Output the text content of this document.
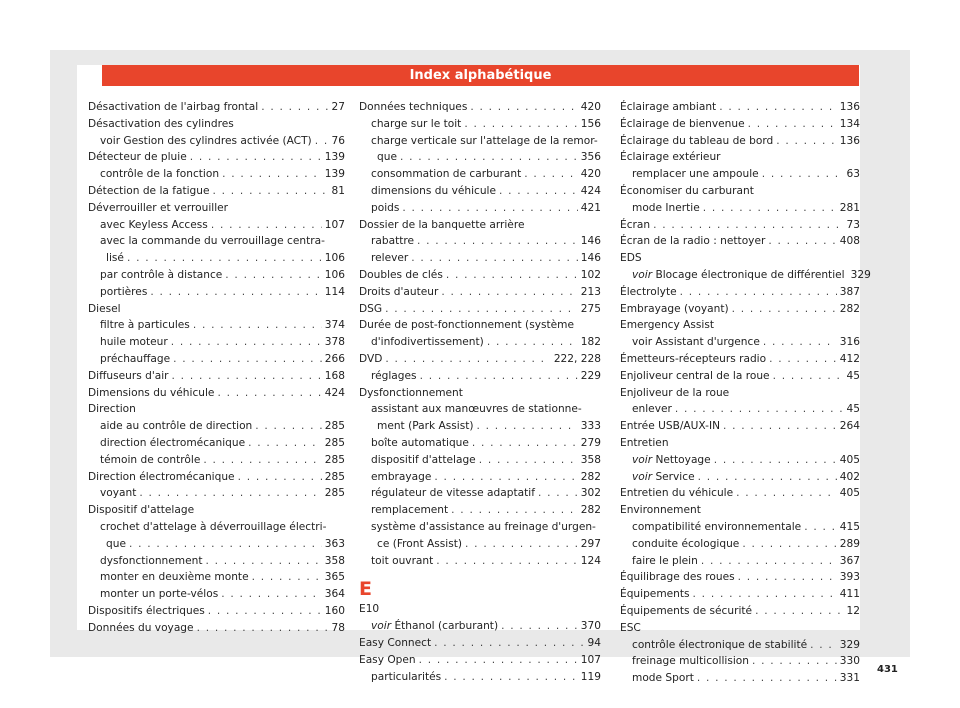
Index alphabétique
Désactivation de l'airbag frontal . . .	27
Désactivation des cylindres
voir Gestion des cylindres activée (ACT) . . . 76
Détecteur de pluie . . .	139
contrôle de la fonction . . .	139
Détection de la fatigue . . .	81
Déverrouiller et verrouiller
avec Keyless Access . . .	107
avec la commande du verrouillage centra-
lisé . . .	106
par contrôle à distance . . .	106
portières . . .	114
Diesel
filtre à particules . . .	374
huile moteur . . .	378
préchauffage . . .	266
Diffuseurs d'air . . .	168
Dimensions du véhicule . . .	424
Direction
aide au contrôle de direction . . .	285
direction électromécanique . . .	285
témoin de contrôle . . .	285
Direction électromécanique . . .	285
voyant . . .	285
Dispositif d'attelage
crochet d'attelage à déverrouillage électri-
que . . .	363
dysfonctionnement . . .	358
monter en deuxième monte . . .	365
monter un porte-vélos . . .	364
Dispositifs électriques . . .	160
Données du voyage . . .	78
Données techniques . . .	420
charge sur le toit . . .	156
charge verticale sur l'attelage de la remor-
que . . .	356
consommation de carburant . . .	420
dimensions du véhicule . . .	424
poids . . .	421
Dossier de la banquette arrière
rabattre . . .	146
relever . . .	146
Doubles de clés . . .	102
Droits d'auteur . . .	213
DSG . . .	275
Durée de post-fonctionnement (système
d'infodivertissement) . . .	182
DVD . . .	222, 228
réglages . . .	229
Dysfonctionnement
assistant aux manœuvres de stationne-
ment (Park Assist) . . .	333
boîte automatique . . .	279
dispositif d'attelage . . .	358
embrayage . . .	282
régulateur de vitesse adaptatif . . .	302
remplacement . . .	282
système d'assistance au freinage d'urgen-
ce (Front Assist) . . .	297
toit ouvrant . . .	124
E
E10
voir Éthanol (carburant) . . .	370
Easy Connect . . .	94
Easy Open . . .	107
particularités . . .	119
Éclairage ambiant . . .	136
Éclairage de bienvenue . . .	134
Éclairage du tableau de bord . . .	136
Éclairage extérieur
remplacer une ampoule . . .	63
Économiser du carburant
mode Inertie . . .	281
Écran . . .	73
Écran de la radio : nettoyer . . .	408
EDS
voir Blocage électronique de différentiel 329
Électrolyte . . .	387
Embrayage (voyant) . . .	282
Emergency Assist
voir Assistant d'urgence . . .	316
Émetteurs-récepteurs radio . . .	412
Enjoliveur central de la roue . . .	45
Enjoliveur de la roue
enlever . . .	45
Entrée USB/AUX-IN . . .	264
Entretien
voir Nettoyage . . .	405
voir Service . . .	402
Entretien du véhicule . . .	405
Environnement
compatibilité environnementale . . .	415
conduite écologique . . .	289
faire le plein . . .	367
Équilibrage des roues . . .	393
Équipements . . .	411
Équipements de sécurité . . .	12
ESC
contrôle électronique de stabilité . . .	329
freinage multicollision . . .	330
mode Sport . . .	331
431
